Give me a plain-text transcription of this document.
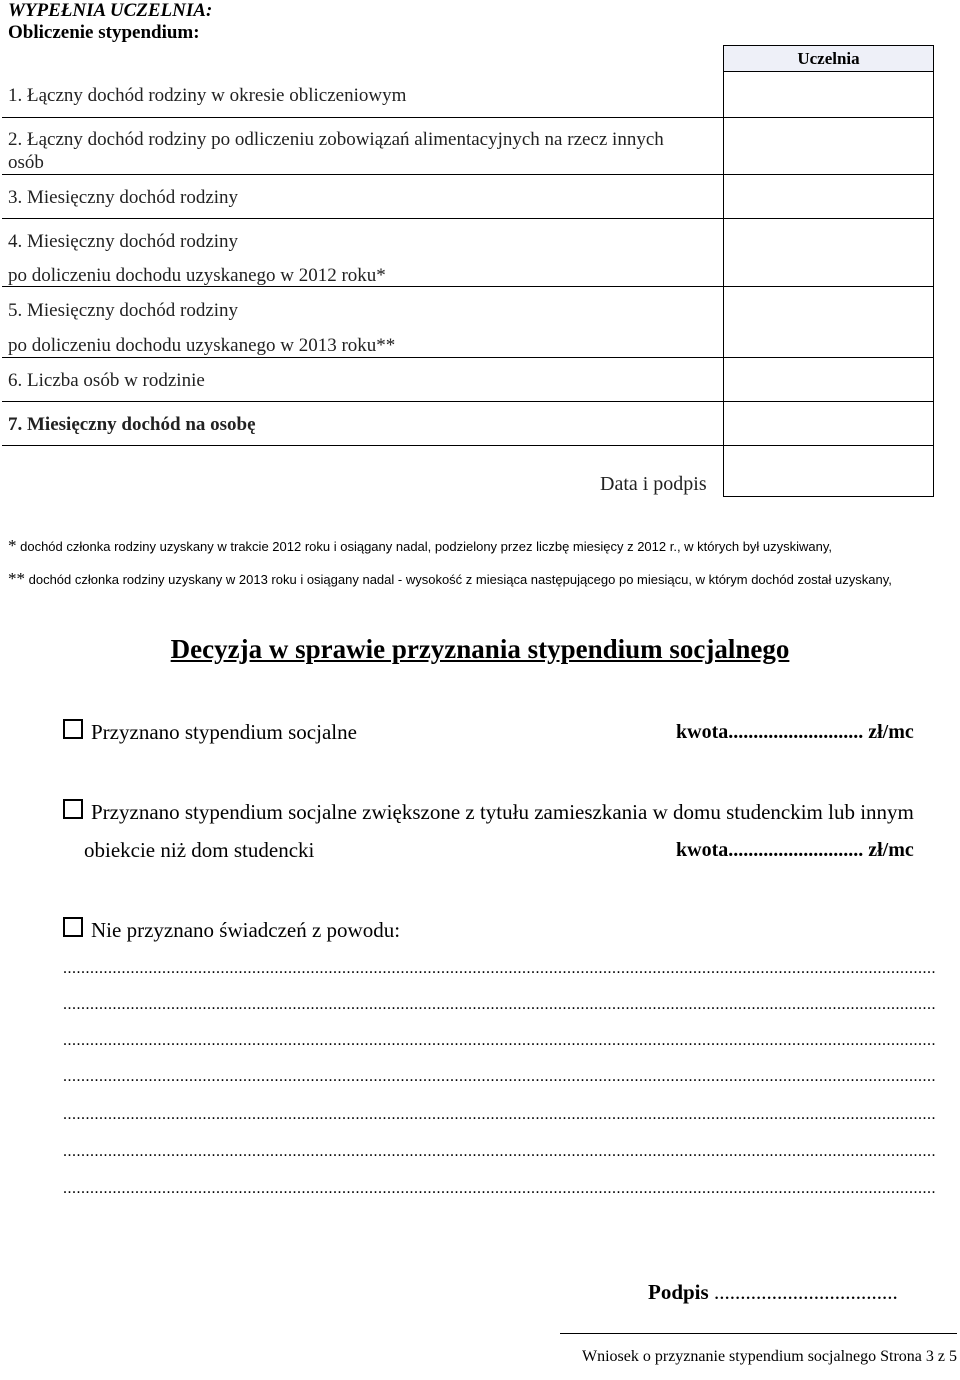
WYPEŁNIA UCZELNIA:
Obliczenie stypendium:
Uczelnia
1. Łączny dochód rodziny w okresie obliczeniowym
2. Łączny dochód rodziny po odliczeniu zobowiązań alimentacyjnych na rzecz innych
osób
3. Miesięczny dochód rodziny
4. Miesięczny dochód rodziny
po doliczeniu dochodu uzyskanego w 2012 roku*
5. Miesięczny dochód rodziny
po doliczeniu dochodu uzyskanego w 2013 roku**
6. Liczba osób w rodzinie
7. Miesięczny dochód na osobę
Data i podpis
* dochód członka rodziny uzyskany w trakcie 2012 roku i osiągany nadal, podzielony przez liczbę miesięcy z 2012 r., w których był uzyskiwany,
** dochód członka rodziny uzyskany w 2013 roku i osiągany nadal - wysokość z miesiąca następującego po miesiącu, w którym dochód został uzyskany,
Decyzja w sprawie przyznania stypendium socjalnego
Przyznano stypendium socjalne	kwota........................... zł/mc
Przyznano stypendium socjalne zwiększone z tytułu zamieszkania w domu studenckim lub innym
obiekcie niż dom studencki	kwota........................... zł/mc
Nie przyznano świadczeń z powodu:
..................................................................................................................................................................................................
..................................................................................................................................................................................................
..................................................................................................................................................................................................
..................................................................................................................................................................................................
..................................................................................................................................................................................................
..................................................................................................................................................................................................
..................................................................................................................................................................................................
Podpis ...................................
Wniosek o przyznanie stypendium socjalnego Strona 3 z 5
